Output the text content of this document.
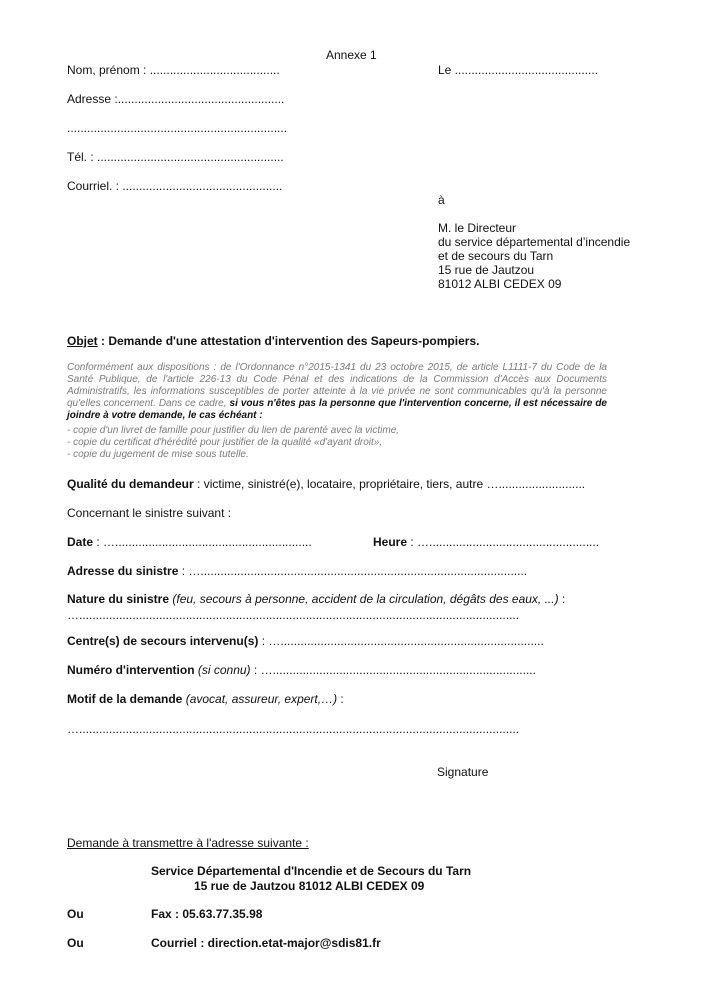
Annexe 1
Nom, prénom : .......................................	Le ...........................................
Adresse :..................................................
..................................................................
Tél. : ........................................................
Courriel. : ................................................
à
M. le Directeur
du service départemental d’incendie
et de secours du Tarn
15 rue de Jautzou
81012 ALBI CEDEX 09
Objet : Demande d'une attestation d'intervention des Sapeurs-pompiers.
Conformément aux dispositions : de l'Ordonnance n°2015-1341 du 23 octobre 2015, de article L1111-7 du Code de la Santé Publique, de l'article 226-13 du Code Pénal et des indications de la Commission d'Accès aux Documents Administratifs, les informations susceptibles de porter atteinte à la vie privée ne sont communicables qu'à la personne qu'elles concernent. Dans ce cadre, si vous n'êtes pas la personne que l'intervention concerne, il est nécessaire de joindre à votre demande, le cas échéant :
- copie d'un livret de famille pour justifier du lien de parenté avec la victime,
- copie du certificat d'hérédité pour justifier de la qualité «d'ayant droit»,
- copie du jugement de mise sous tutelle.
Qualité du demandeur : victime, sinistré(e), locataire, propriétaire, tiers, autre …..........................
Concernant le sinistre suivant :
Date : …...........................................................	Heure : …...................................................
Adresse du sinistre : …..................................................................................................
Nature du sinistre (feu, secours à personne, accident de la circulation, dégâts des eaux, ...) :
…....................................................................................................................................
Centre(s) de secours intervenu(s) : …...............................................................................
Numéro d'intervention (si connu) : …...............................................................................
Motif de la demande (avocat, assureur, expert,…) :
…....................................................................................................................................
Signature
Demande à transmettre à l'adresse suivante :
Service Départemental d'Incendie et de Secours du Tarn
15 rue de Jautzou 81012 ALBI CEDEX 09
Ou	Fax : 05.63.77.35.98
Ou	Courriel : direction.etat-major@sdis81.fr
